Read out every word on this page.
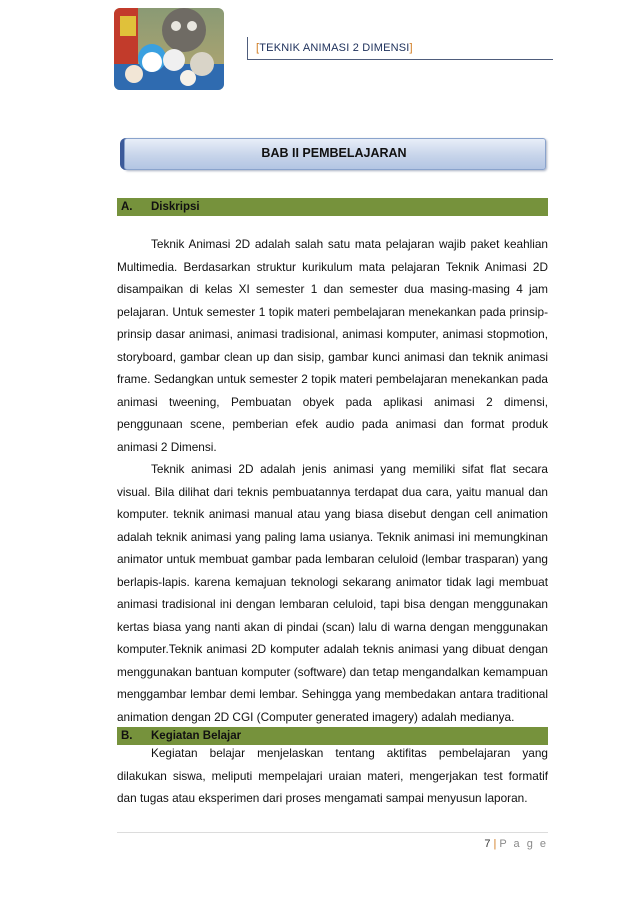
[TEKNIK ANIMASI 2 DIMENSI]
BAB II PEMBELAJARAN
A. Diskripsi

Teknik Animasi 2D adalah salah satu mata pelajaran wajib paket keahlian Multimedia. Berdasarkan struktur kurikulum mata pelajaran Teknik Animasi 2D disampaikan di kelas XI semester 1 dan semester dua masing-masing 4 jam pelajaran. Untuk semester 1 topik materi pembelajaran menekankan pada prinsip-prinsip dasar animasi, animasi tradisional, animasi komputer, animasi stopmotion, storyboard, gambar clean up dan sisip, gambar kunci animasi dan teknik animasi frame. Sedangkan untuk semester 2 topik materi pembelajaran menekankan pada animasi tweening, Pembuatan obyek pada aplikasi animasi 2 dimensi, penggunaan scene, pemberian efek audio pada animasi dan format produk animasi 2 Dimensi.

Teknik animasi 2D adalah jenis animasi yang memiliki sifat flat secara visual. Bila dilihat dari teknis pembuatannya terdapat dua cara, yaitu manual dan komputer. teknik animasi manual atau yang biasa disebut dengan cell animation adalah teknik animasi yang paling lama usianya. Teknik animasi ini memungkinan animator untuk membuat gambar pada lembaran celuloid (lembar trasparan) yang berlapis-lapis. karena kemajuan teknologi sekarang animator tidak lagi membuat animasi tradisional ini dengan lembaran celuloid, tapi bisa dengan menggunakan kertas biasa yang nanti akan di pindai (scan) lalu di warna dengan menggunakan komputer.Teknik animasi 2D komputer adalah teknis animasi yang dibuat dengan menggunakan bantuan komputer (software) dan tetap mengandalkan kemampuan menggambar lembar demi lembar. Sehingga yang membedakan antara traditional animation dengan 2D CGI (Computer generated imagery) adalah medianya.

B. Kegiatan Belajar

Kegiatan belajar menjelaskan tentang aktifitas pembelajaran yang dilakukan siswa, meliputi mempelajari uraian materi, mengerjakan test formatif dan tugas atau eksperimen dari proses mengamati sampai menyusun laporan.

7 | P a g e
